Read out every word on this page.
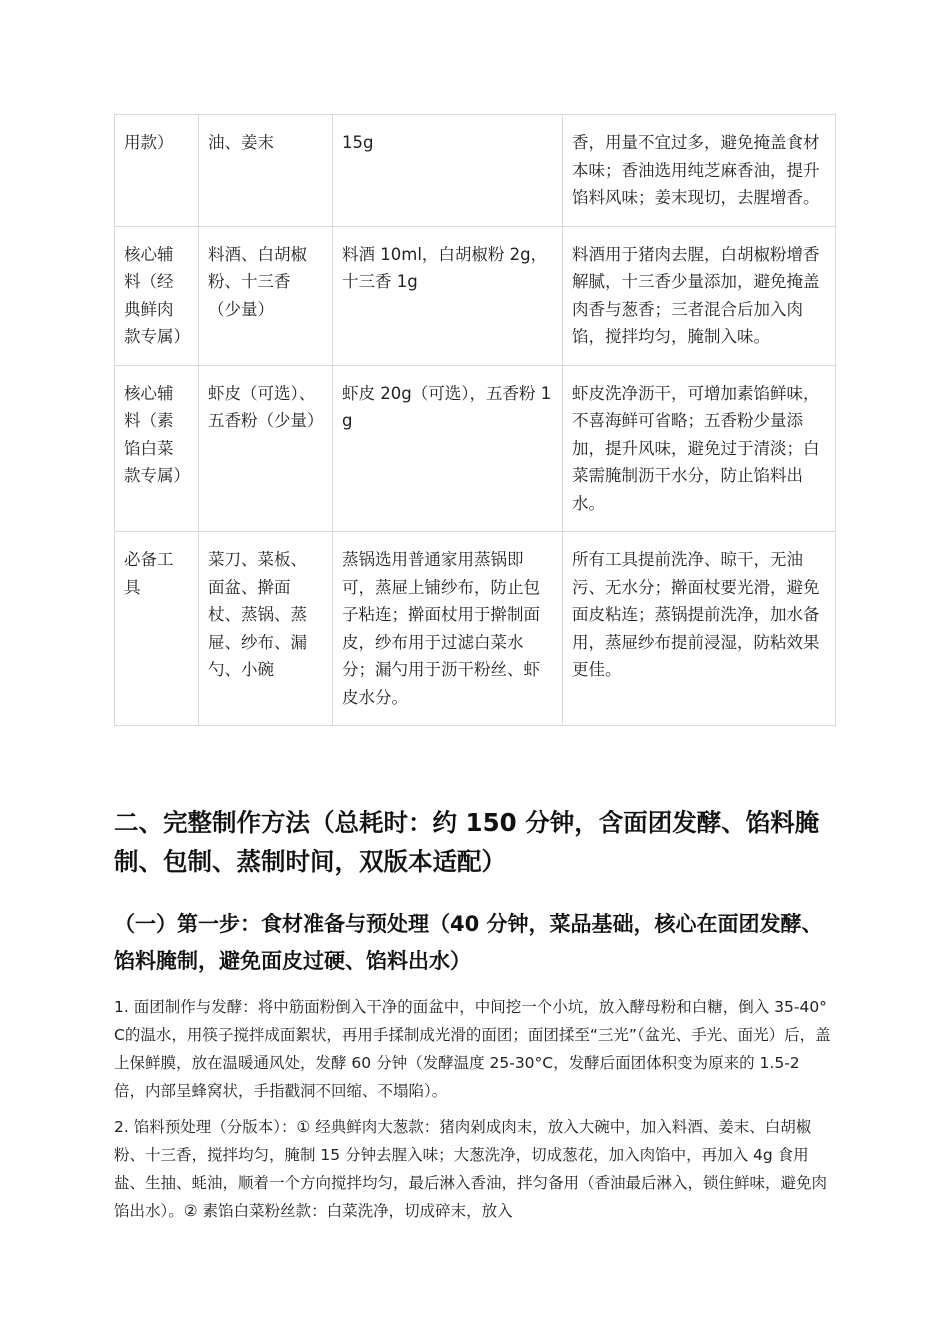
用款）	油、姜末	15g	香，用量不宜过多，避免掩盖食材本味；香油选用纯芝麻香油，提升馅料风味；姜末现切，去腥增香。
核心辅料（经典鲜肉款专属）	料酒、白胡椒粉、十三香（少量）	料酒 10ml，白胡椒粉 2g，十三香 1g	料酒用于猪肉去腥，白胡椒粉增香解腻，十三香少量添加，避免掩盖肉香与葱香；三者混合后加入肉馅，搅拌均匀，腌制入味。
核心辅料（素馅白菜款专属）	虾皮（可选）、五香粉（少量）	虾皮 20g（可选），五香粉 1g	虾皮洗净沥干，可增加素馅鲜味，不喜海鲜可省略；五香粉少量添加，提升风味，避免过于清淡；白菜需腌制沥干水分，防止馅料出水。
必备工具	菜刀、菜板、面盆、擀面杖、蒸锅、蒸屉、纱布、漏勺、小碗	蒸锅选用普通家用蒸锅即可，蒸屉上铺纱布，防止包子粘连；擀面杖用于擀制面皮，纱布用于过滤白菜水分；漏勺用于沥干粉丝、虾皮水分。	所有工具提前洗净、晾干，无油污、无水分；擀面杖要光滑，避免面皮粘连；蒸锅提前洗净，加水备用，蒸屉纱布提前浸湿，防粘效果更佳。
二、完整制作方法（总耗时：约 150 分钟，含面团发酵、馅料腌制、包制、蒸制时间，双版本适配）
（一）第一步：食材准备与预处理（40 分钟，菜品基础，核心在面团发酵、馅料腌制，避免面皮过硬、馅料出水）

1. 面团制作与发酵：将中筋面粉倒入干净的面盆中，中间挖一个小坑，放入酵母粉和白糖，倒入 35-40°C的温水，用筷子搅拌成面絮状，再用手揉制成光滑的面团；面团揉至“三光”（盆光、手光、面光）后，盖上保鲜膜，放在温暖通风处，发酵 60 分钟（发酵温度 25-30°C，发酵后面团体积变为原来的 1.5-2 倍，内部呈蜂窝状，手指戳洞不回缩、不塌陷）。

2. 馅料预处理（分版本）：① 经典鲜肉大葱款：猪肉剁成肉末，放入大碗中，加入料酒、姜末、白胡椒粉、十三香，搅拌均匀，腌制 15 分钟去腥入味；大葱洗净，切成葱花，加入肉馅中，再加入 4g 食用盐、生抽、蚝油，顺着一个方向搅拌均匀，最后淋入香油，拌匀备用（香油最后淋入，锁住鲜味，避免肉馅出水）。② 素馅白菜粉丝款：白菜洗净，切成碎末，放入
